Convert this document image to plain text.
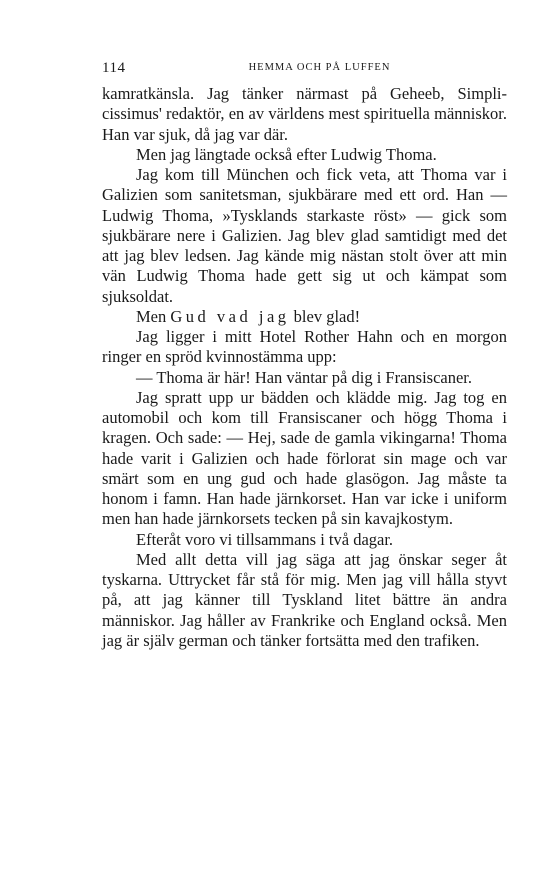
114	HEMMA OCH PÅ LUFFEN

kamratkänsla. Jag tänker närmast på Geheeb, Simplicissimus' redaktör, en av världens mest spirituella människor. Han var sjuk, då jag var där.

Men jag längtade också efter Ludwig Thoma.

Jag kom till München och fick veta, att Thoma var i Galizien som sanitetsman, sjukbärare med ett ord. Han — Ludwig Thoma, »Tysklands starkaste röst» — gick som sjukbärare nere i Galizien. Jag blev glad samtidigt med det att jag blev ledsen. Jag kände mig nästan stolt över att min vän Ludwig Thoma hade gett sig ut och kämpat som sjuksoldat.

Men Gud vad jag blev glad!

Jag ligger i mitt Hotel Rother Hahn och en morgon ringer en spröd kvinnostämma upp:

— Thoma är här! Han väntar på dig i Fransiscaner.

Jag spratt upp ur bädden och klädde mig. Jag tog en automobil och kom till Fransiscaner och högg Thoma i kragen. Och sade: — Hej, sade de gamla vikingarna! Thoma hade varit i Galizien och hade förlorat sin mage och var smärt som en ung gud och hade glasögon. Jag måste ta honom i famn. Han hade järnkorset. Han var icke i uniform men han hade järnkorsets tecken på sin kavajkostym.

Efteråt voro vi tillsammans i två dagar.

Med allt detta vill jag säga att jag önskar seger åt tyskarna. Uttrycket får stå för mig. Men jag vill hålla styvt på, att jag känner till Tyskland litet bättre än andra människor. Jag håller av Frankrike och England också. Men jag är själv german och tänker fortsätta med den trafiken.
